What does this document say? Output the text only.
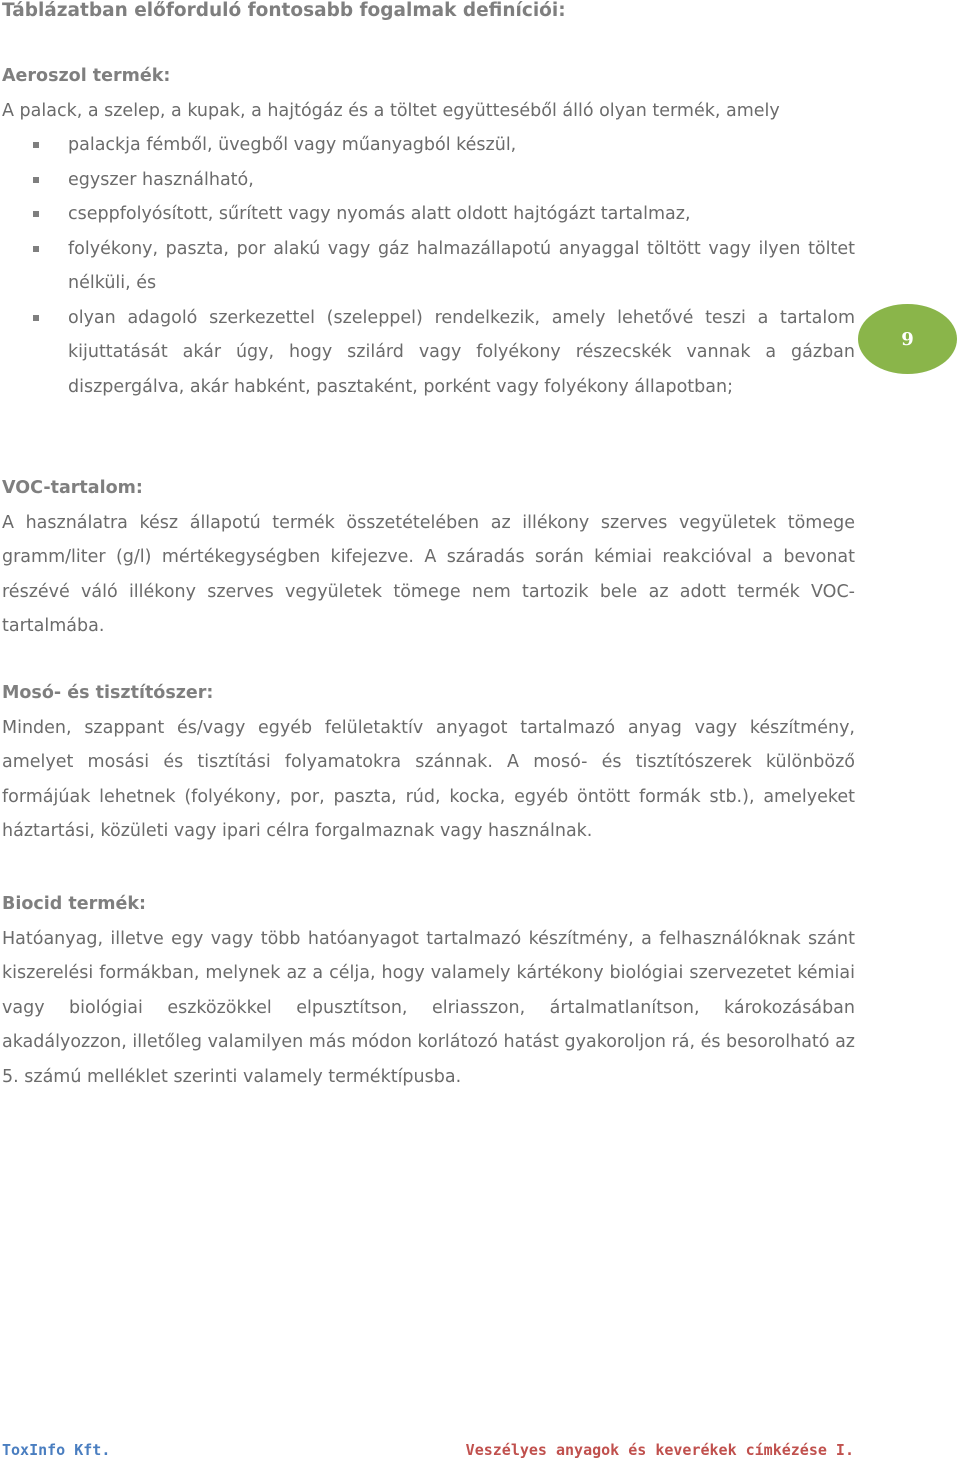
Táblázatban előforduló fontosabb fogalmak definíciói:

Aeroszol termék:

A palack, a szelep, a kupak, a hajtógáz és a töltet együtteséből álló olyan termék, amely

palackja fémből, üvegből vagy műanyagból készül,
egyszer használható,
cseppfolyósított, sűrített vagy nyomás alatt oldott hajtógázt tartalmaz,
folyékony, paszta, por alakú vagy gáz halmazállapotú anyaggal töltött vagy ilyen töltet nélküli, és
olyan adagoló szerkezettel (szeleppel) rendelkezik, amely lehetővé teszi a tartalom kijuttatását akár úgy, hogy szilárd vagy folyékony részecskék vannak a gázban diszpergálva, akár habként, pasztaként, porként vagy folyékony állapotban;
9

VOC-tartalom:

A használatra kész állapotú termék összetételében az illékony szerves vegyületek tömege gramm/liter (g/l) mértékegységben kifejezve. A száradás során kémiai reakcióval a bevonat részévé váló illékony szerves vegyületek tömege nem tartozik bele az adott termék VOC-tartalmába.

Mosó- és tisztítószer:

Minden, szappant és/vagy egyéb felületaktív anyagot tartalmazó anyag vagy készítmény, amelyet mosási és tisztítási folyamatokra szánnak. A mosó- és tisztítószerek különböző formájúak lehetnek (folyékony, por, paszta, rúd, kocka, egyéb öntött formák stb.), amelyeket háztartási, közületi vagy ipari célra forgalmaznak vagy használnak.

Biocid termék:

Hatóanyag, illetve egy vagy több hatóanyagot tartalmazó készítmény, a felhasználóknak szánt kiszerelési formákban, melynek az a célja, hogy valamely kártékony biológiai szervezetet kémiai vagy biológiai eszközökkel elpusztítson, elriasszon, ártalmatlanítson, károkozásában akadályozzon, illetőleg valamilyen más módon korlátozó hatást gyakoroljon rá, és besorolható az 5. számú melléklet szerinti valamely terméktípusba.

ToxInfo Kft.	Veszélyes anyagok és keverékek címkézése I.
